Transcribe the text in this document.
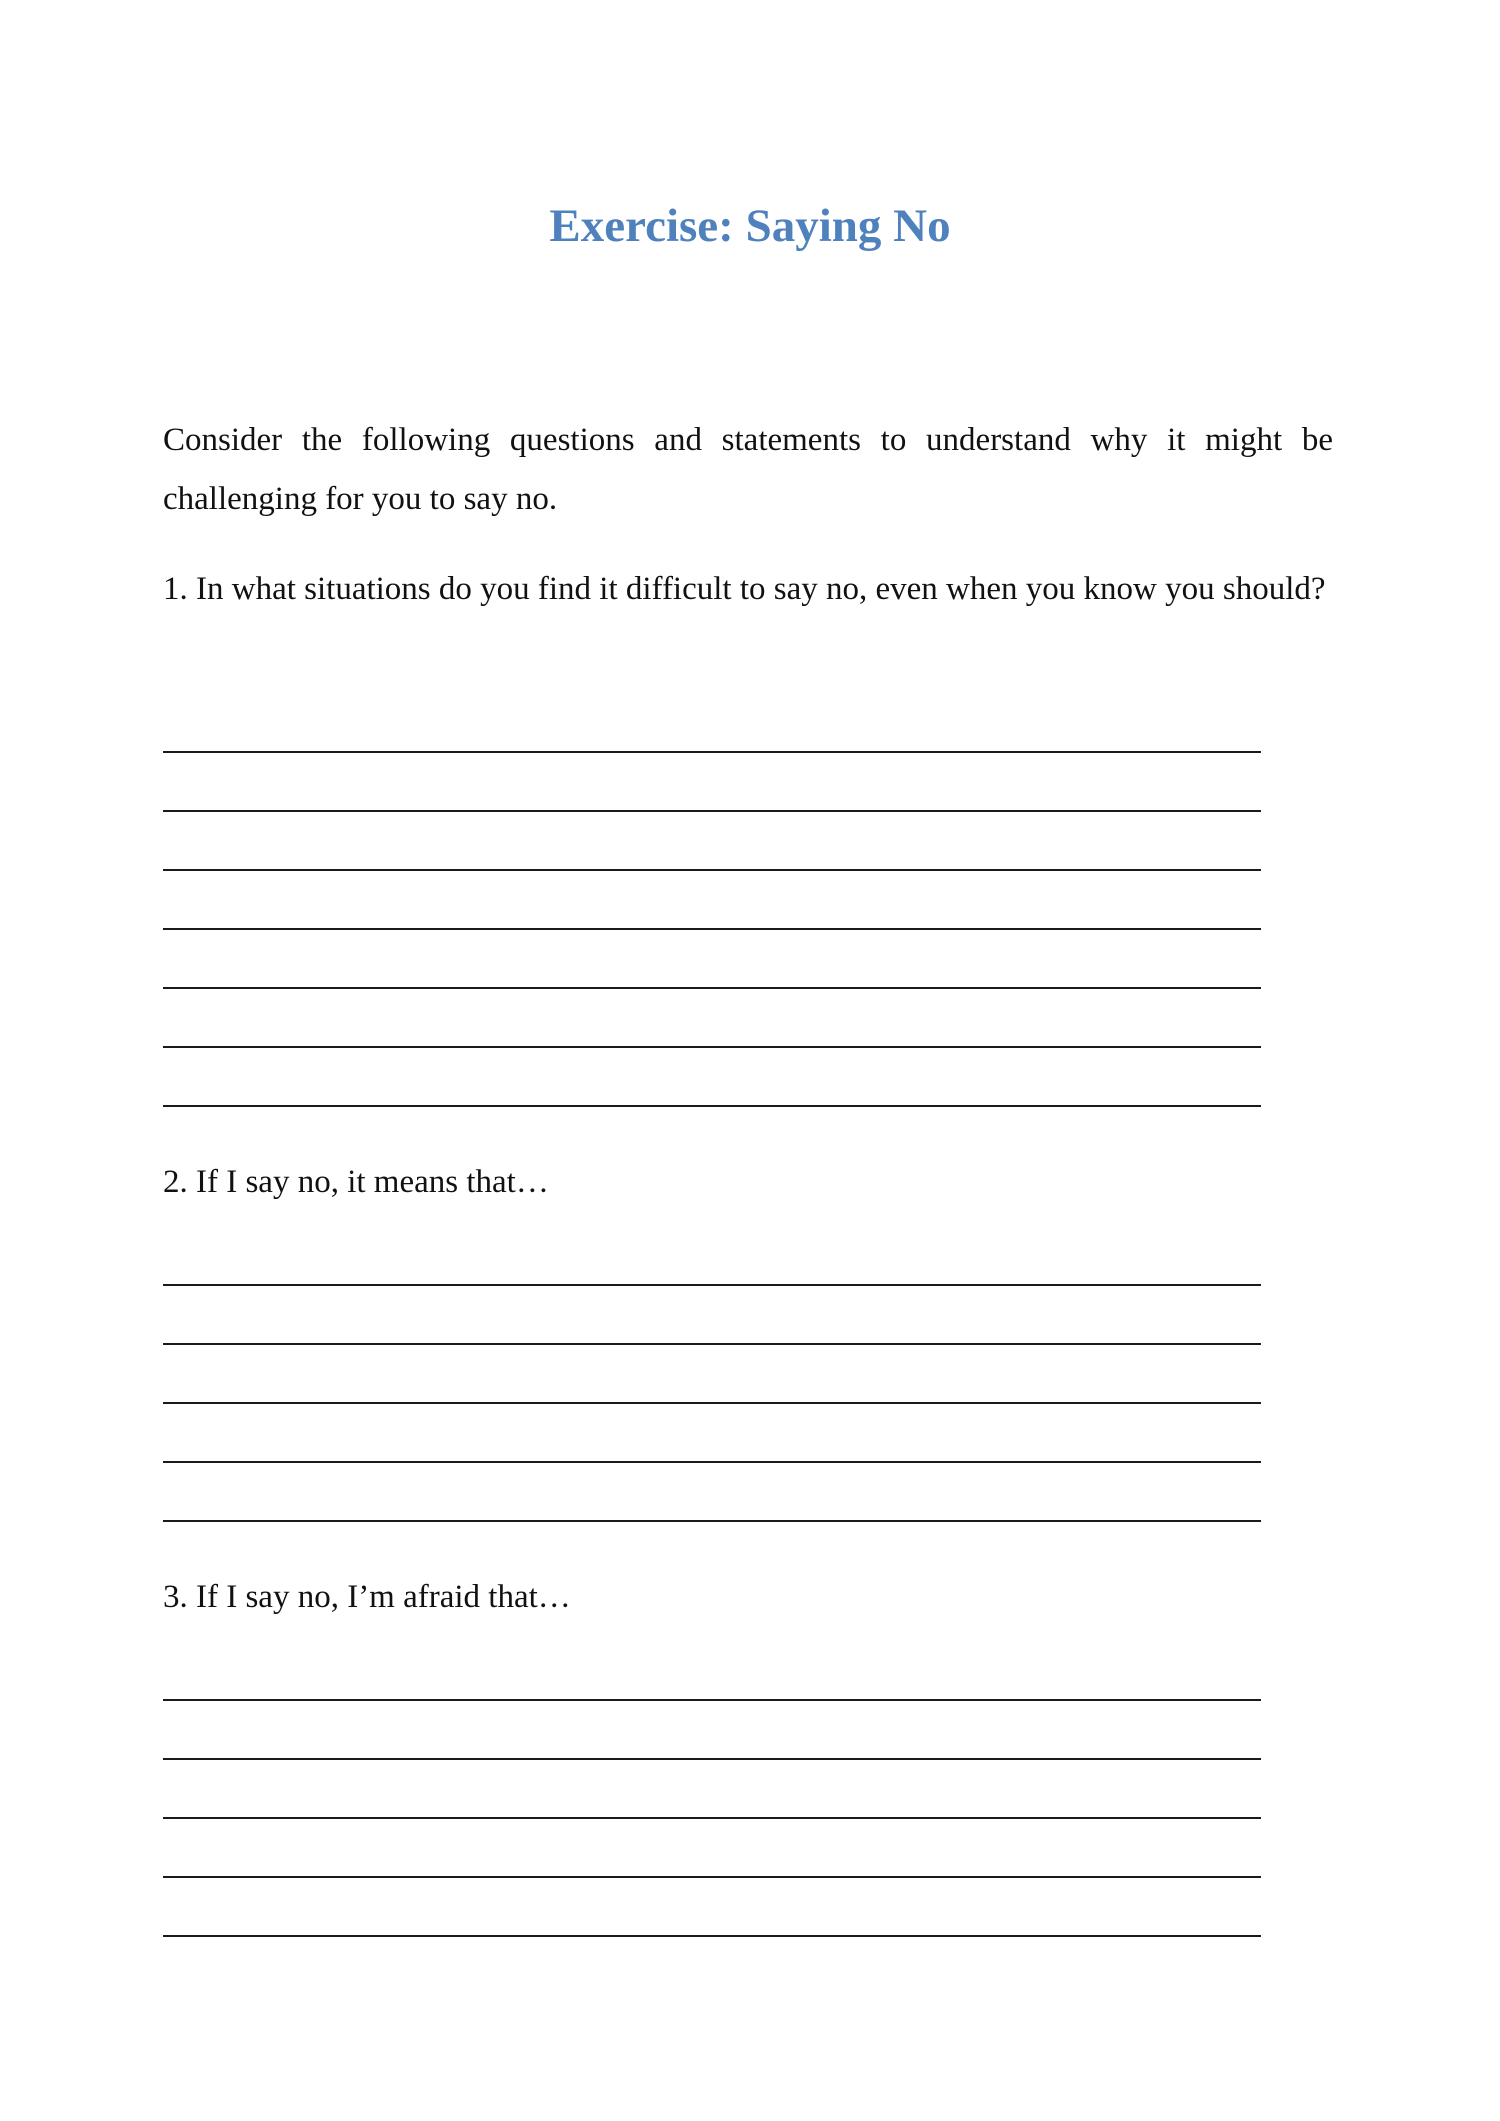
Exercise: Saying No

Consider the following questions and statements to understand why it might be challenging for you to say no.

1. In what situations do you find it difficult to say no, even when you know you should?

2. If I say no, it means that…

3. If I say no, I’m afraid that…
